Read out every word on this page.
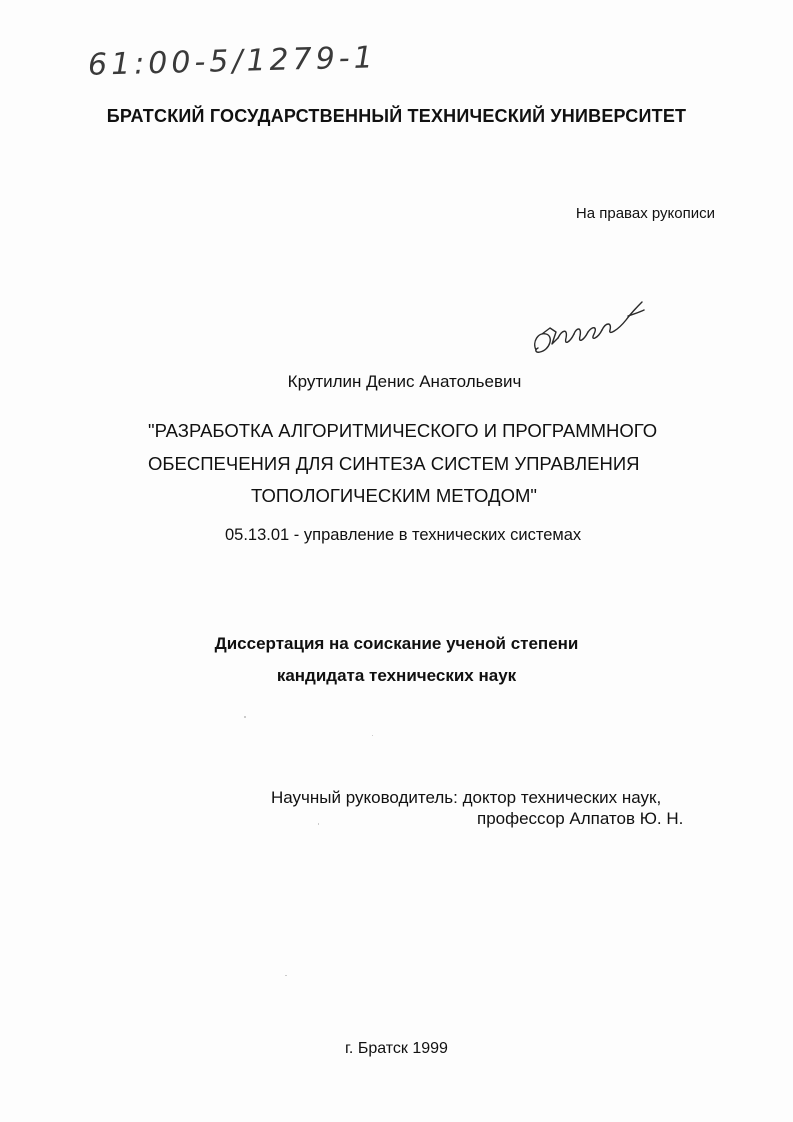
61:00-5/1279-1
БРАТСКИЙ ГОСУДАРСТВЕННЫЙ ТЕХНИЧЕСКИЙ УНИВЕРСИТЕТ
На правах рукописи
Крутилин Денис Анатольевич
"РАЗРАБОТКА АЛГОРИТМИЧЕСКОГО И ПРОГРАММНОГО
ОБЕСПЕЧЕНИЯ ДЛЯ СИНТЕЗА СИСТЕМ УПРАВЛЕНИЯ
ТОПОЛОГИЧЕСКИМ МЕТОДОМ"
05.13.01 - управление в технических системах
Диссертация на соискание ученой степени
кандидата технических наук
Научный руководитель: доктор технических наук,
профессор Алпатов Ю. Н.
г. Братск 1999
